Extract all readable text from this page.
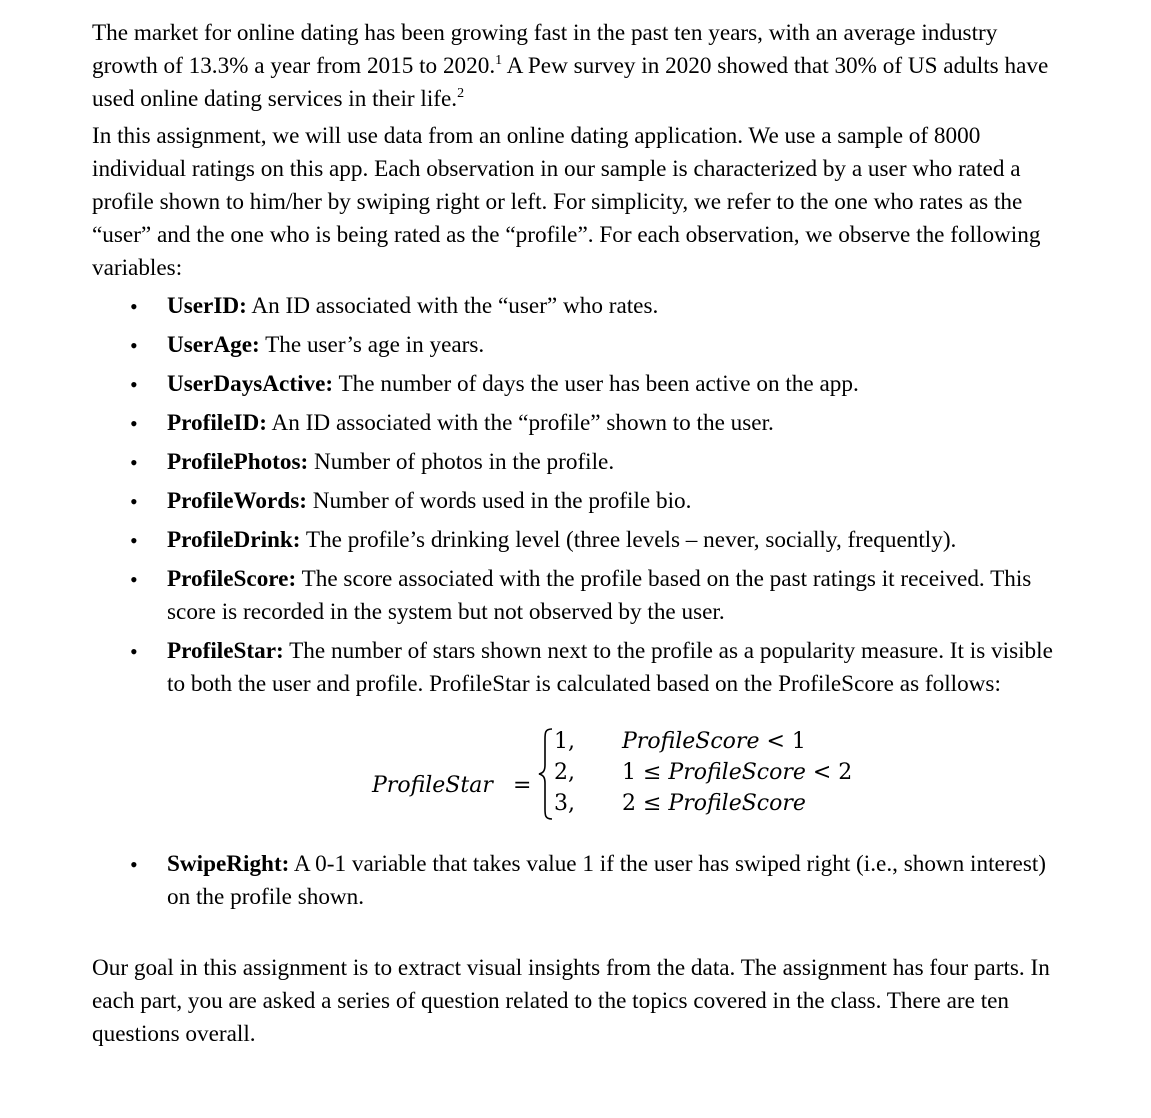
The market for online dating has been growing fast in the past ten years, with an average industry growth of 13.3% a year from 2015 to 2020.$^1$ A Pew survey in 2020 showed that 30% of US adults have used online dating services in their life.$^2$

In this assignment, we will use data from an online dating application. We use a sample of 8000 individual ratings on this app. Each observation in our sample is characterized by a user who rated a profile shown to him/her by swiping right or left. For simplicity, we refer to the one who rates as the “user” and the one who is being rated as the “profile”. For each observation, we observe the following variables:

• UserID: An ID associated with the “user” who rates.
• UserAge: The user’s age in years.
• UserDaysActive: The number of days the user has been active on the app.
• ProfileID: An ID associated with the “profile” shown to the user.
• ProfilePhotos: Number of photos in the profile.
• ProfileWords: Number of words used in the profile bio.
• ProfileDrink: The profile’s drinking level (three levels – never, socially, frequently).
• ProfileScore: The score associated with the profile based on the past ratings it received. This score is recorded in the system but not observed by the user.
• ProfileStar: The number of stars shown next to the profile as a popularity measure. It is visible to both the user and profile. ProfileStar is calculated based on the ProfileScore as follows:
ProfileStar =
1, ProfileScore < 1
2, 1 ≤ ProfileScore < 2
3, 2 ≤ ProfileScore
• SwipeRight: A 0-1 variable that takes value 1 if the user has swiped right (i.e., shown interest) on the profile shown.

Our goal in this assignment is to extract visual insights from the data. The assignment has four parts. In each part, you are asked a series of question related to the topics covered in the class. There are ten questions overall.
